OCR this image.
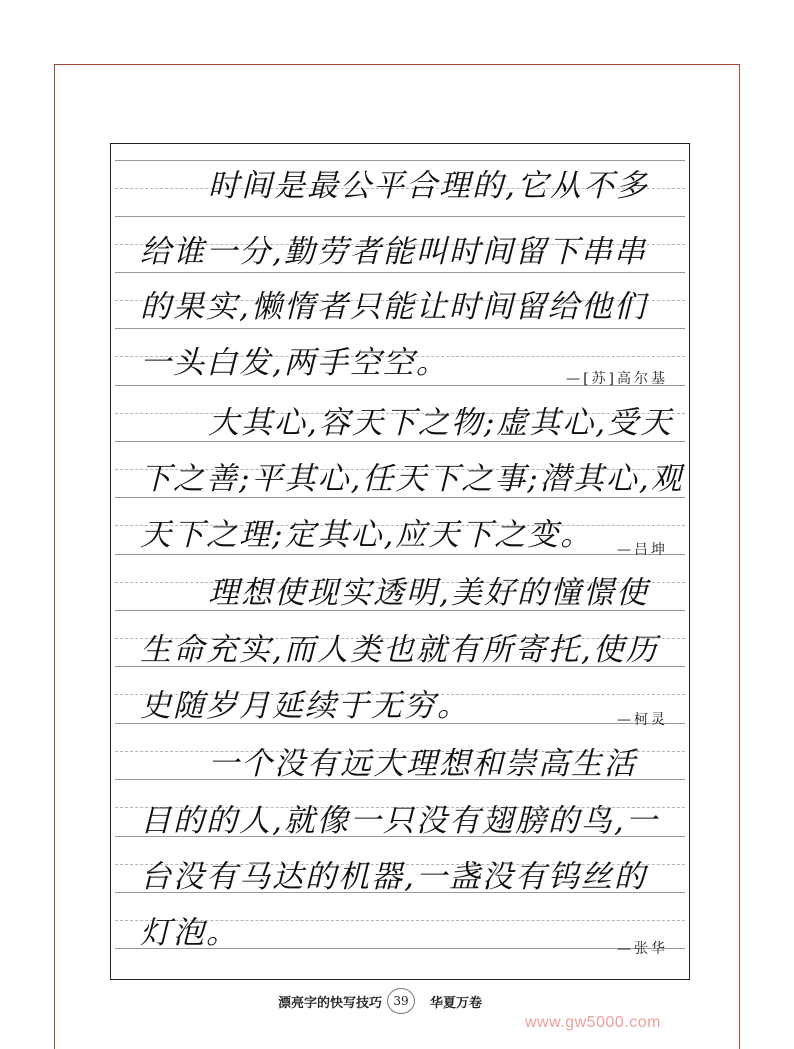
时间是最公平合理的,它从不多
给谁一分,勤劳者能叫时间留下串串
的果实,懒惰者只能让时间留给他们
一头白发,两手空空。	—[苏]高尔基
大其心,容天下之物;虚其心,受天
下之善;平其心,任天下之事;潜其心,观
天下之理;定其心,应天下之变。	—吕坤
理想使现实透明,美好的憧憬使
生命充实,而人类也就有所寄托,使历
史随岁月延续于无穷。	—柯灵
一个没有远大理想和崇高生活
目的的人,就像一只没有翅膀的鸟,一
台没有马达的机器,一盏没有钨丝的
灯泡。	—张华
漂亮字的快写技巧 39	华夏万卷
www.gw5000.com
